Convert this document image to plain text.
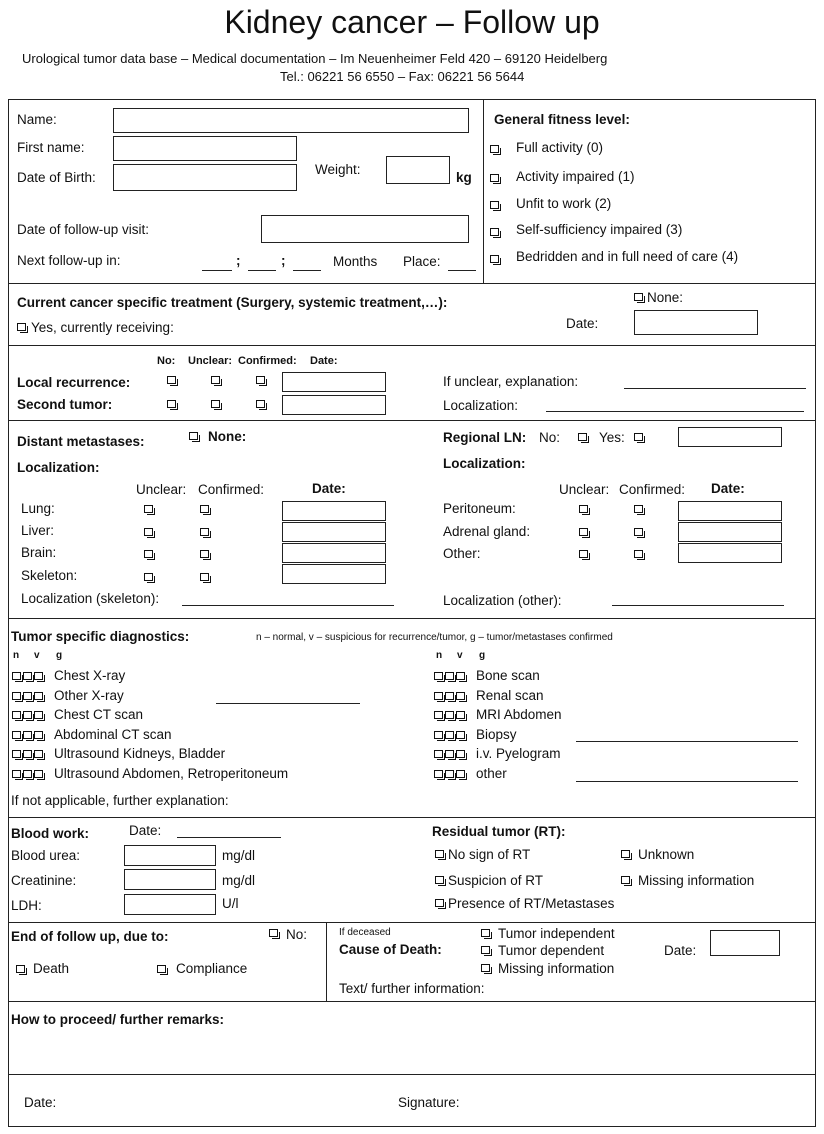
Kidney cancer – Follow up
Urological tumor data base – Medical documentation – Im Neuenheimer Feld 420 – 69120 Heidelberg
Tel.: 06221 56 6550 – Fax: 06221 56 5644
Name:
First name:
Date of Birth:
Weight:
kg
Date of follow-up visit:
Next follow-up in:	;	;	Months Place:
General fitness level:
Full activity (0)
Activity impaired (1)
Unfit to work (2)
Self-sufficiency impaired (3)
Bedridden and in full need of care (4)
Current cancer specific treatment (Surgery, systemic treatment,…):	None:
Yes, currently receiving:	Date:
No: Unclear: Confirmed: Date:
Local recurrence:
Second tumor:
If unclear, explanation:
Localization:
Distant metastases:	None:
Localization:
Unclear: Confirmed:	Date:
Lung:
Liver:
Brain:
Skeleton:
Localization (skeleton):
Regional LN: No:	Yes:
Localization:
Unclear: Confirmed: Date:
Peritoneum:
Adrenal gland:
Other:
Localization (other):
Tumor specific diagnostics:	n – normal, v – suspicious for recurrence/tumor, g – tumor/metastases confirmed
n v g	n v g
Chest X-ray
Other X-ray
Chest CT scan
Abdominal CT scan
Ultrasound Kidneys, Bladder
Ultrasound Abdomen, Retroperitoneum
Bone scan
Renal scan
MRI Abdomen
Biopsy
i.v. Pyelogram
other
If not applicable, further explanation:
Blood work:	Date:
Blood urea:	mg/dl
Creatinine:	mg/dl
LDH:	U/l
Residual tumor (RT):
No sign of RT	Unknown
Suspicion of RT	Missing information
Presence of RT/Metastases
End of follow up, due to:	No:
Death	Compliance
If deceased
Cause of Death:
Tumor independent
Tumor dependent
Missing information
Date:
Text/ further information:
How to proceed/ further remarks:
Date:	Signature:
